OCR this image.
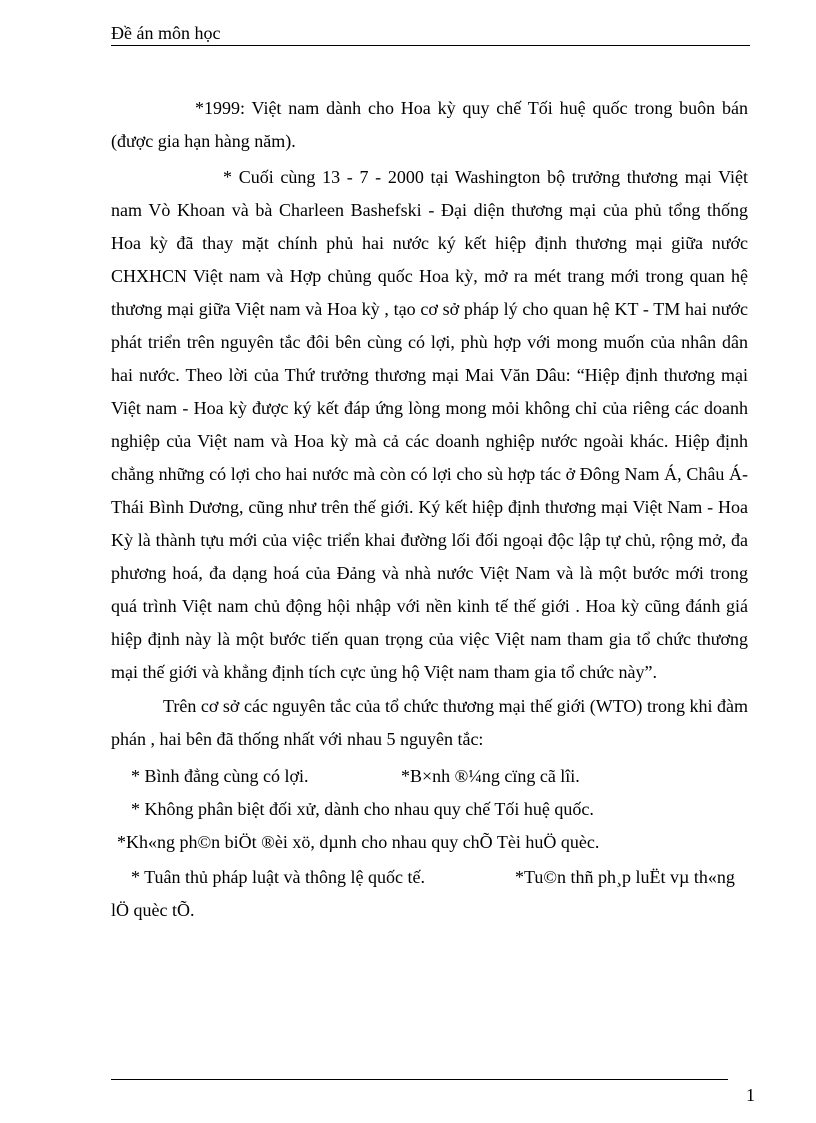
Đề án môn học

*1999: Việt nam dành cho Hoa kỳ quy chế Tối huệ quốc trong buôn bán (được gia hạn hàng năm).

* Cuối cùng 13 - 7 - 2000 tại Washington bộ trưởng thương mại Việt nam Vò Khoan và bà Charleen Bashefski - Đại diện thương mại của phủ tổng thống Hoa kỳ đã thay mặt chính phủ hai nước ký kết hiệp định thương mại giữa nước CHXHCN Việt nam và Hợp chủng quốc Hoa kỳ, mở ra mét trang mới trong quan hệ thương mại giữa Việt nam và Hoa kỳ , tạo cơ sở pháp lý cho quan hệ KT - TM hai nước phát triển trên nguyên tắc đôi bên cùng có lợi, phù hợp với mong muốn của nhân dân hai nước. Theo lời của Thứ trưởng thương mại Mai Văn Dâu: “Hiệp định thương mại Việt nam - Hoa kỳ được ký kết đáp ứng lòng mong mỏi không chỉ của riêng các doanh nghiệp của Việt nam và Hoa kỳ mà cả các doanh nghiệp nước ngoài khác. Hiệp định chẳng những có lợi cho hai nước mà còn có lợi cho sù hợp tác ở Đông Nam Á, Châu Á- Thái Bình Dương, cũng như trên thế giới. Ký kết hiệp định thương mại Việt Nam - Hoa Kỳ là thành tựu mới của việc triển khai đường lối đối ngoại độc lập tự chủ, rộng mở, đa phương hoá, đa dạng hoá của Đảng và nhà nước Việt Nam và là một bước mới trong quá trình Việt nam chủ động hội nhập với nền kinh tế thế giới . Hoa kỳ cũng đánh giá hiệp định này là một bước tiến quan trọng của việc Việt nam tham gia tổ chức thương mại thế giới và khẳng định tích cực ủng hộ Việt nam tham gia tổ chức này”.

Trên cơ sở các nguyên tắc của tổ chức thương mại thế giới (WTO) trong khi đàm phán , hai bên đã thống nhất với nhau 5 nguyên tắc:

* Bình đẳng cùng có lợi.	*B×nh ®¼ng cïng cã lîi.
* Không phân biệt đối xử, dành cho nhau quy chế Tối huệ quốc.
*Kh«ng ph©n biÖt ®èi xö, dµnh cho nhau quy chÕ Tèi huÖ quèc.
* Tuân thủ pháp luật và thông lệ quốc tế.	*Tu©n thñ ph¸p luËt vµ th«ng
lÖ quèc tÕ.
1
